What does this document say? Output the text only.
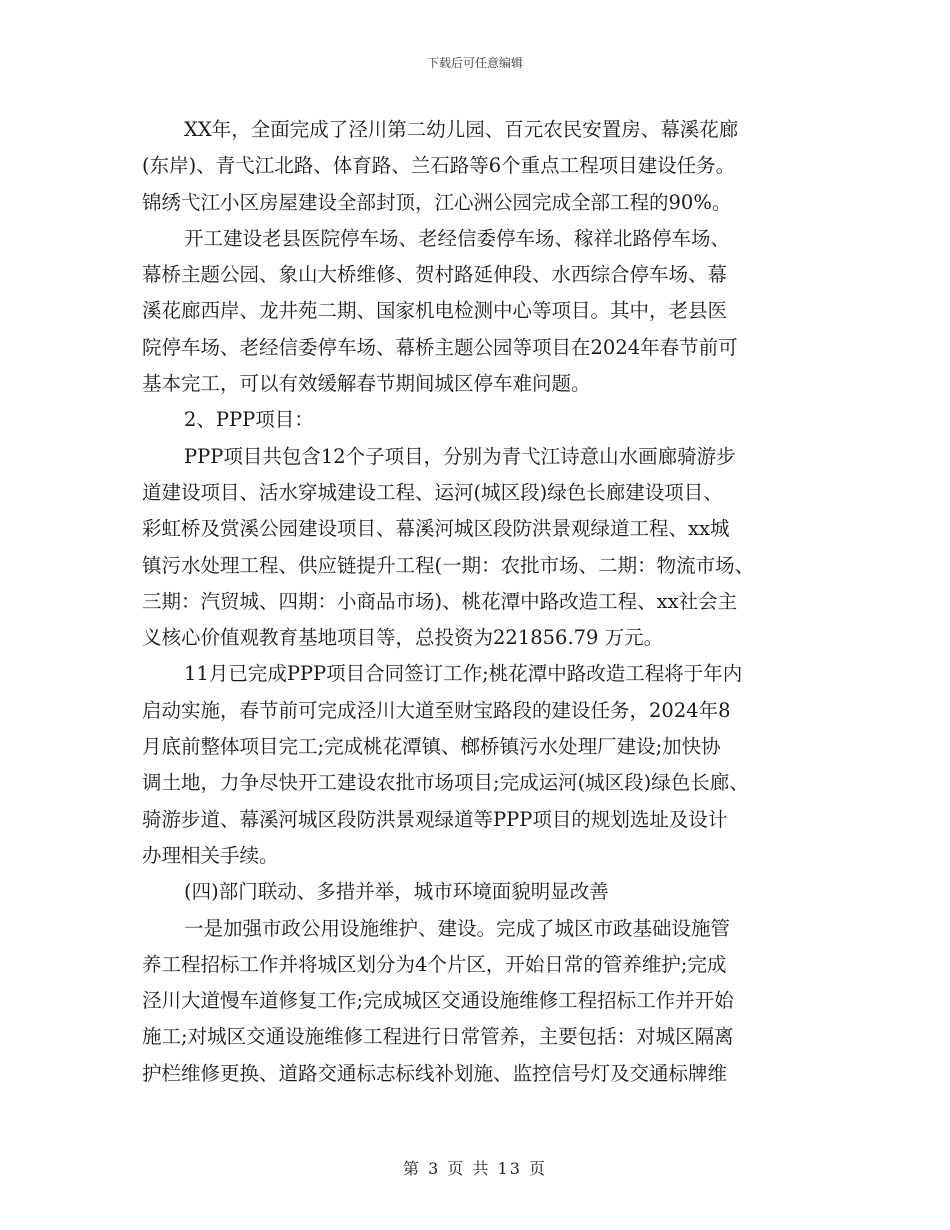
下载后可任意编辑

XX年，全面完成了泾川第二幼儿园、百元农民安置房、幕溪花廊
(东岸)、青弋江北路、体育路、兰石路等6个重点工程项目建设任务。
锦绣弋江小区房屋建设全部封顶，江心洲公园完成全部工程的90%。

开工建设老县医院停车场、老经信委停车场、稼祥北路停车场、
幕桥主题公园、象山大桥维修、贺村路延伸段、水西综合停车场、幕
溪花廊西岸、龙井苑二期、国家机电检测中心等项目。其中，老县医
院停车场、老经信委停车场、幕桥主题公园等项目在2024年春节前可
基本完工，可以有效缓解春节期间城区停车难问题。

2、PPP项目：

PPP项目共包含12个子项目，分别为青弋江诗意山水画廊骑游步
道建设项目、活水穿城建设工程、运河(城区段)绿色长廊建设项目、
彩虹桥及赏溪公园建设项目、幕溪河城区段防洪景观绿道工程、xx城
镇污水处理工程、供应链提升工程(一期：农批市场、二期：物流市场、
三期：汽贸城、四期：小商品市场)、桃花潭中路改造工程、xx社会主
义核心价值观教育基地项目等，总投资为221856.79 万元。

11月已完成PPP项目合同签订工作;桃花潭中路改造工程将于年内
启动实施，春节前可完成泾川大道至财宝路段的建设任务，2024年8
月底前整体项目完工;完成桃花潭镇、榔桥镇污水处理厂建设;加快协
调土地，力争尽快开工建设农批市场项目;完成运河(城区段)绿色长廊、
骑游步道、幕溪河城区段防洪景观绿道等PPP项目的规划选址及设计
办理相关手续。

(四)部门联动、多措并举，城市环境面貌明显改善

一是加强市政公用设施维护、建设。完成了城区市政基础设施管
养工程招标工作并将城区划分为4个片区，开始日常的管养维护;完成
泾川大道慢车道修复工作;完成城区交通设施维修工程招标工作并开始
施工;对城区交通设施维修工程进行日常管养，主要包括：对城区隔离
护栏维修更换、道路交通标志标线补划施、监控信号灯及交通标牌维

第 3 页 共 13 页
